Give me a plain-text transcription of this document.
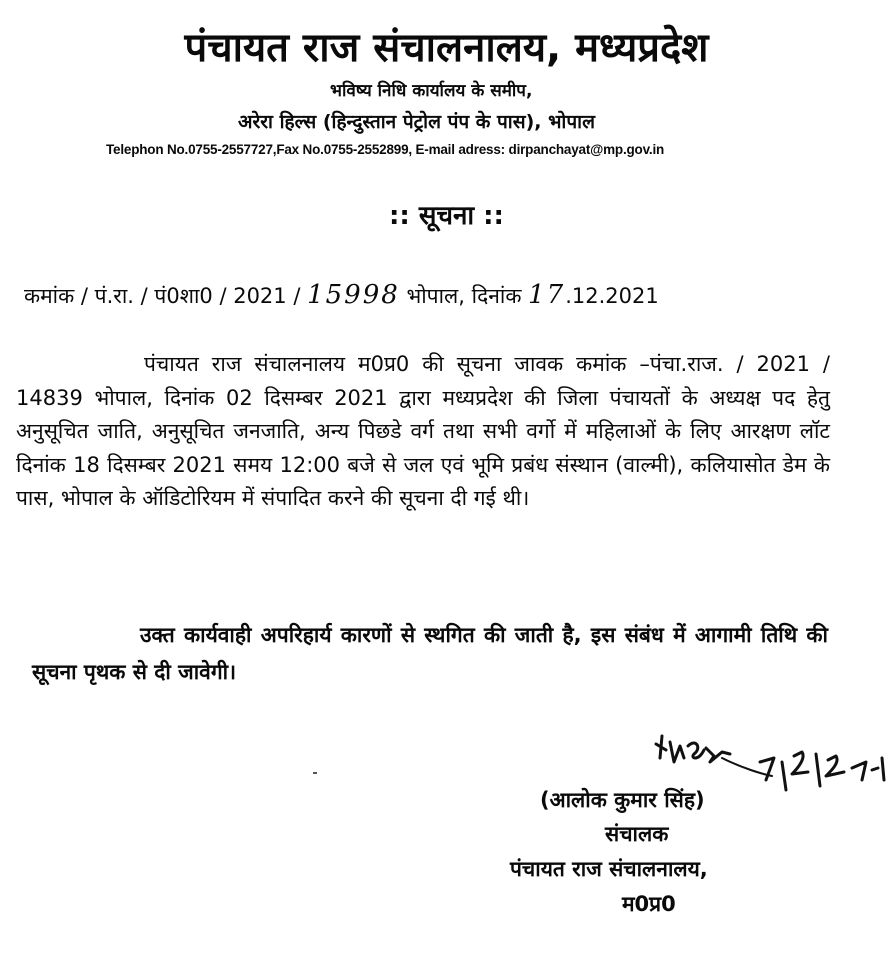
पंचायत राज संचालनालय, मध्यप्रदेश
भविष्य निधि कार्यालय के समीप,
अरेरा हिल्स (हिन्दुस्तान पेट्रोल पंप के पास), भोपाल
Telephon No.0755-2557727,Fax No.0755-2552899, E-mail adress: dirpanchayat@mp.gov.in
:: सूचना ::
कमांक / पं.रा. / पं0शा0 / 2021 / 15998 भोपाल, दिनांक 17.12.2021
पंचायत राज संचालनालय म0प्र0 की सूचना जावक कमांक –पंचा.राज. / 2021 / 14839 भोपाल, दिनांक 02 दिसम्बर 2021 द्वारा मध्यप्रदेश की जिला पंचायतों के अध्यक्ष पद हेतु अनुसूचित जाति, अनुसूचित जनजाति, अन्य पिछडे वर्ग तथा सभी वर्गो में महिलाओं के लिए आरक्षण लॉट दिनांक 18 दिसम्बर 2021 समय 12:00 बजे से जल एवं भूमि प्रबंध संस्थान (वाल्मी), कलियासोत डेम के पास, भोपाल के ऑडिटोरियम में संपादित करने की सूचना दी गई थी।
उक्त कार्यवाही अपरिहार्य कारणों से स्थगित की जाती है, इस संबंध में आगामी तिथि की सूचना पृथक से दी जावेगी।
(आलोक कुमार सिंह)
संचालक
पंचायत राज संचालनालय,
म0प्र0
